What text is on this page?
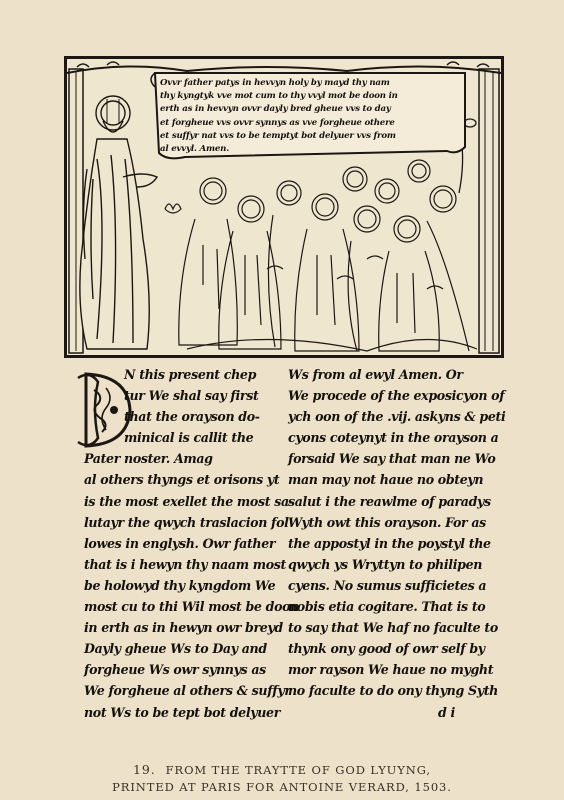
Ovvr father patys in hevvyn holy by mayd thy nam
thy kyngtyk vve mot cum to thy vvyl mot be doon in
erth as in hevvyn ovvr dayly bred gheue vvs to day
et forgheue vvs ovvr synnys as vve forgheue othere
et suffyr nat vvs to be temptyt bot delyuer vvs from
al evvyl. Amen.
N this present chep
tur We shal say first
that the orayson do-
minical is callit the
Pater noster. Amag
al others thyngs et orisons yt
is the most exellet the most sa-
lutayr the qwych traslacion fol
lowes in englysh. Owr father
that is i hewyn thy naam most
be holowyd thy kyngdom We
most cu to thi Wil most be doon
in erth as in hewyn owr breyd
Dayly gheue Ws to Day and
forgheue Ws owr synnys as
We forgheue al others & suffyr
not Ws to be tept bot delyuer
Ws from al ewyl Amen. Or
We procede of the exposicyon of
ych oon of the .vij. askyns & peti
cyons coteynyt in the orayson a
forsaid We say that man ne Wo
man may not haue no obteyn
salut i the reawlme of paradys
Wyth owt this orayson. For as
the appostyl in the poystyl the
qwych ys Wryttyn to philipen
cyens. No sumus sufficietes a
nobis etia cogitare. That is to
to say that We haf no faculte to
thynk ony good of owr self by
mor rayson We haue no myght
no faculte to do ony thyng Syth
d i
19. FROM THE TRAYTTE OF GOD LYUYNG,
PRINTED AT PARIS FOR ANTOINE VERARD, 1503.
